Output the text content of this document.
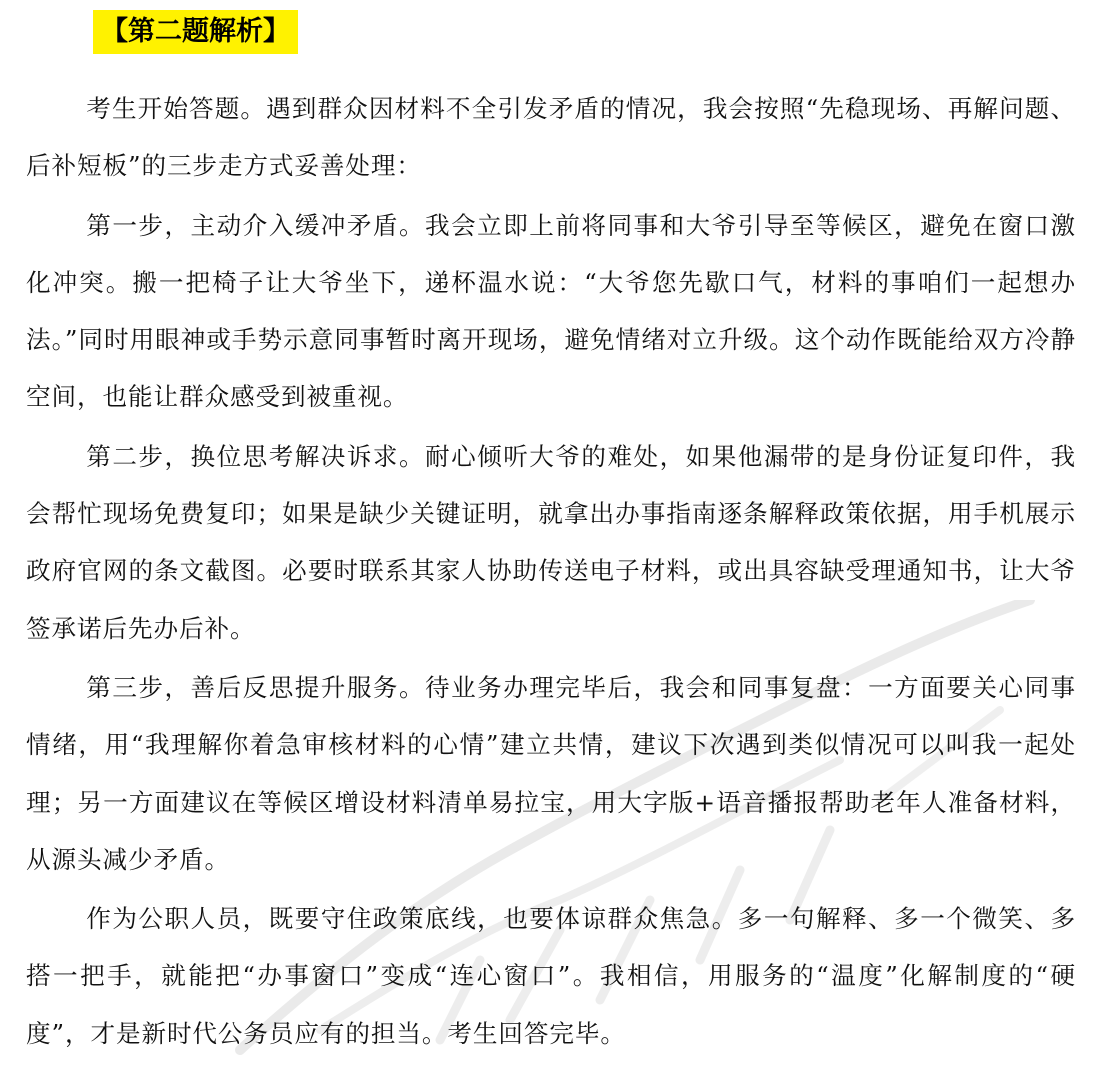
【第二题解析】

考生开始答题。遇到群众因材料不全引发矛盾的情况，我会按照“先稳现场、再解问题、后补短板”的三步走方式妥善处理：

第一步，主动介入缓冲矛盾。我会立即上前将同事和大爷引导至等候区，避免在窗口激化冲突。搬一把椅子让大爷坐下，递杯温水说：“大爷您先歇口气，材料的事咱们一起想办法。”同时用眼神或手势示意同事暂时离开现场，避免情绪对立升级。这个动作既能给双方冷静空间，也能让群众感受到被重视。

第二步，换位思考解决诉求。耐心倾听大爷的难处，如果他漏带的是身份证复印件，我会帮忙现场免费复印；如果是缺少关键证明，就拿出办事指南逐条解释政策依据，用手机展示政府官网的条文截图。必要时联系其家人协助传送电子材料，或出具容缺受理通知书，让大爷签承诺后先办后补。

第三步，善后反思提升服务。待业务办理完毕后，我会和同事复盘：一方面要关心同事情绪，用“我理解你着急审核材料的心情”建立共情，建议下次遇到类似情况可以叫我一起处理；另一方面建议在等候区增设材料清单易拉宝，用大字版+语音播报帮助老年人准备材料，从源头减少矛盾。

作为公职人员，既要守住政策底线，也要体谅群众焦急。多一句解释、多一个微笑、多搭一把手，就能把“办事窗口”变成“连心窗口”。我相信，用服务的“温度”化解制度的“硬度”，才是新时代公务员应有的担当。考生回答完毕。
